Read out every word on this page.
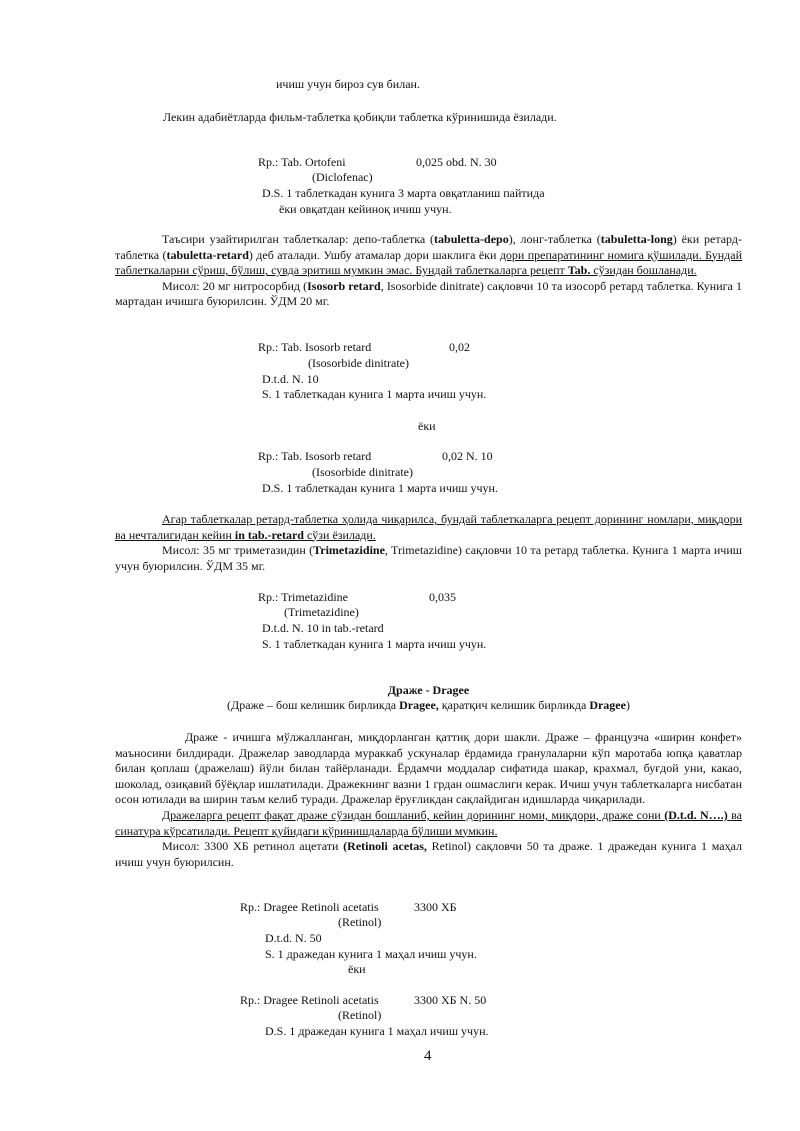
ичиш учун бироз сув билан.
Лекин адабиётларда фильм-таблетка қобиқли таблетка кўринишида ёзилади.
Rp.: Tab. Ortofeni	0,025 obd. N. 30
(Diclofenac)
D.S. 1 таблеткадан кунига 3 марта овқатланиш пайтида
ёки овқатдан кейиноқ ичиш учун.

Таъсири узайтирилган таблеткалар: депо-таблетка (tabuletta-depo), лонг-таблетка (tabuletta-long) ёки ретард-таблетка (tabuletta-retard) деб аталади. Ушбу атамалар дори шаклига ёки дори препаратининг номига қўшилади. Бундай таблеткаларни сўриш, бўлиш, сувда эритиш мумкин эмас. Бундай таблеткаларга рецепт Tab. сўзидан бошланади.

Мисол: 20 мг нитросорбид (Isosorb retard, Isosorbide dinitrate) сақловчи 10 та изосорб ретард таблетка. Кунига 1 мартадан ичишга буюрилсин. ЎДМ 20 мг.

Rp.: Tab. Isosorb retard	0,02
(Isosorbide dinitrate)
D.t.d. N. 10
S. 1 таблеткадан кунига 1 марта ичиш учун.
ёки
Rp.: Tab. Isosorb retard	0,02 N. 10
(Isosorbide dinitrate)
D.S. 1 таблеткадан кунига 1 марта ичиш учун.

Агар таблеткалар ретард-таблетка ҳолида чиқарилса, бундай таблеткаларга рецепт дорининг номлари, миқдори ва нечталигидан кейин in tab.-retard сўзи ёзилади.

Мисол: 35 мг триметазидин (Trimetazidine, Trimetazidine) сақловчи 10 та ретард таблетка. Кунига 1 марта ичиш учун буюрилсин. ЎДМ 35 мг.

Rp.: Trimetazidine	0,035
(Trimetazidine)
D.t.d. N. 10 in tab.-retard
S. 1 таблеткадан кунига 1 марта ичиш учун.
Драже - Dragee
(Драже – бош келишик бирликда Dragee, қаратқич келишик бирликда Dragee)

Драже - ичишга мўлжалланган, миқдорланган қаттиқ дори шакли. Драже – французча «ширин конфет» маъносини билдиради. Дражелар заводларда мураккаб ускуналар ёрдамида гранулаларни кўп маротаба юпқа қаватлар билан қоплаш (дражелаш) йўли билан тайёрланади. Ёрдамчи моддалар сифатида шакар, крахмал, буғдой уни, какао, шоколад, озиқавий бўёқлар ишлатилади. Дражекнинг вазни 1 грдан ошмаслиги керак. Ичиш учун таблеткаларга нисбатан осон ютилади ва ширин таъм келиб туради. Дражелар ёруғликдан сақлайдиган идишларда чиқарилади.

Дражеларга рецепт фақат драже сўзидан бошланиб, кейин дорининг номи, миқдори, драже сони (D.t.d. N….) ва синатура кўрсатилади. Рецепт қуйидаги кўринишдаларда бўлиши мумкин.

Мисол: 3300 ХБ ретинол ацетати (Retinoli acetas, Retinol) сақловчи 50 та драже. 1 дражедан кунига 1 маҳал ичиш учун буюрилсин.

Rp.: Dragee Retinoli acetatis	3300 ХБ
(Retinol)
D.t.d. N. 50
S. 1 дражедан кунига 1 маҳал ичиш учун.
ёки
Rp.: Dragee Retinoli acetatis	3300 ХБ N. 50
(Retinol)
D.S. 1 дражедан кунига 1 маҳал ичиш учун.
4
